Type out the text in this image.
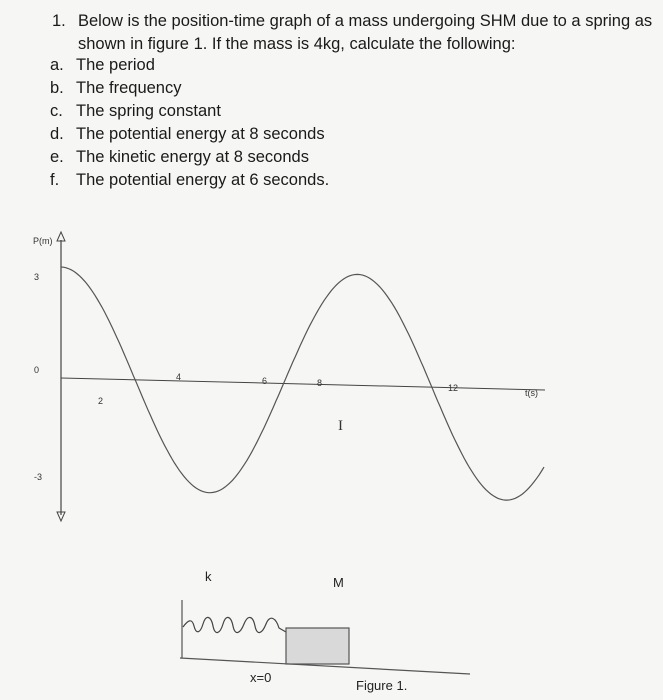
1. Below is the position-time graph of a mass undergoing SHM due to a spring as
shown in figure 1. If the mass is 4kg, calculate the following:
a. The period
b. The frequency
c. The spring constant
d. The potential energy at 8 seconds
e. The kinetic energy at 8 seconds
f.	The potential energy at 6 seconds.
P(m)
t(s)
3
0
-3
2
4	6	8	12
I
k	M
x=0
Figure 1.
